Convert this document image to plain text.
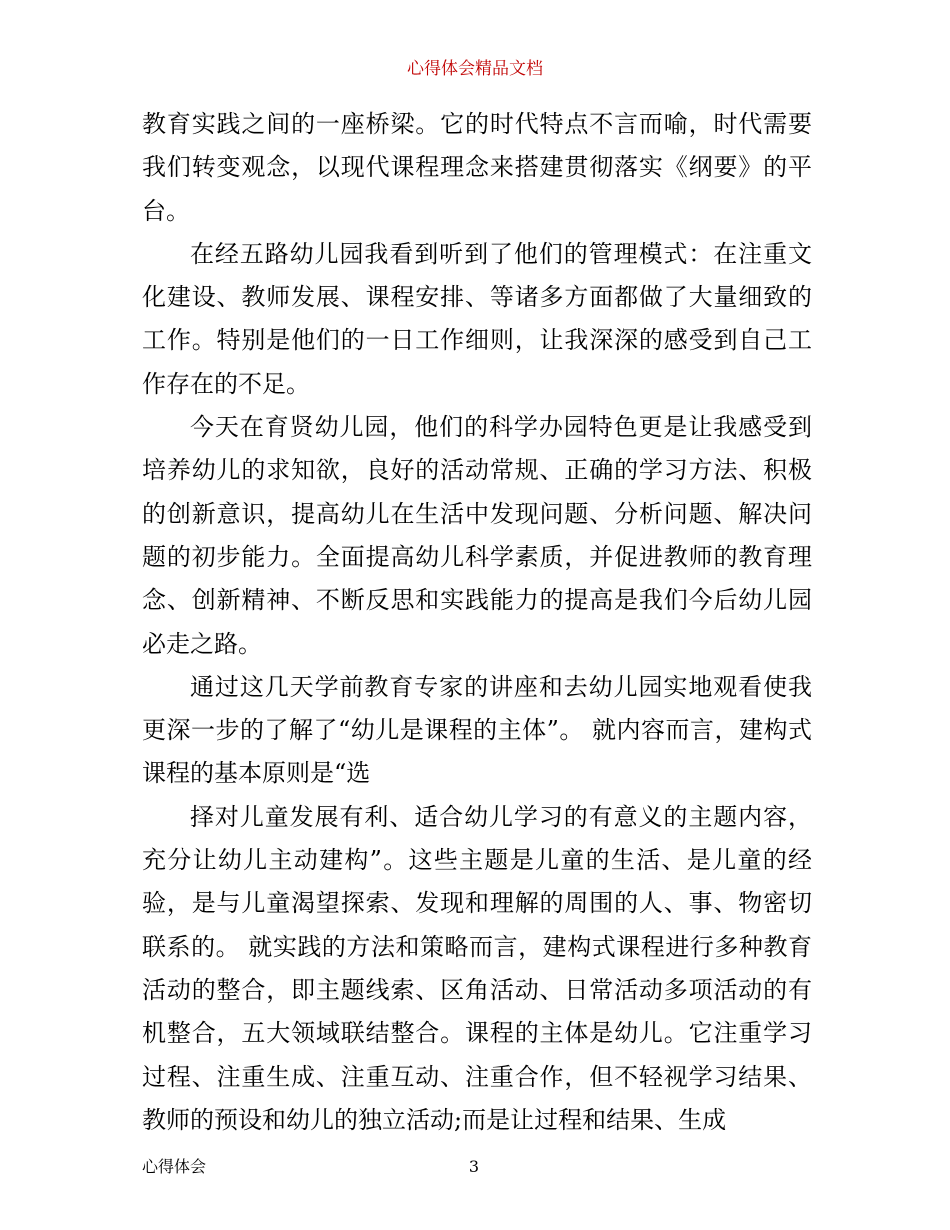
心得体会精品文档

教育实践之间的一座桥梁。它的时代特点不言而喻，时代需要我们转变观念，以现代课程理念来搭建贯彻落实《纲要》的平台。

在经五路幼儿园我看到听到了他们的管理模式：在注重文化建设、教师发展、课程安排、等诸多方面都做了大量细致的工作。特别是他们的一日工作细则，让我深深的感受到自己工作存在的不足。

今天在育贤幼儿园，他们的科学办园特色更是让我感受到培养幼儿的求知欲，良好的活动常规、正确的学习方法、积极的创新意识，提高幼儿在生活中发现问题、分析问题、解决问题的初步能力。全面提高幼儿科学素质，并促进教师的教育理念、创新精神、不断反思和实践能力的提高是我们今后幼儿园必走之路。

通过这几天学前教育专家的讲座和去幼儿园实地观看使我更深一步的了解了“幼儿是课程的主体”。 就内容而言，建构式课程的基本原则是“选

择对儿童发展有利、适合幼儿学习的有意义的主题内容，充分让幼儿主动建构”。这些主题是儿童的生活、是儿童的经验，是与儿童渴望探索、发现和理解的周围的人、事、物密切联系的。 就实践的方法和策略而言，建构式课程进行多种教育活动的整合，即主题线索、区角活动、日常活动多项活动的有机整合，五大领域联结整合。课程的主体是幼儿。它注重学习过程、注重生成、注重互动、注重合作，但不轻视学习结果、教师的预设和幼儿的独立活动;而是让过程和结果、生成

心得体会	3
